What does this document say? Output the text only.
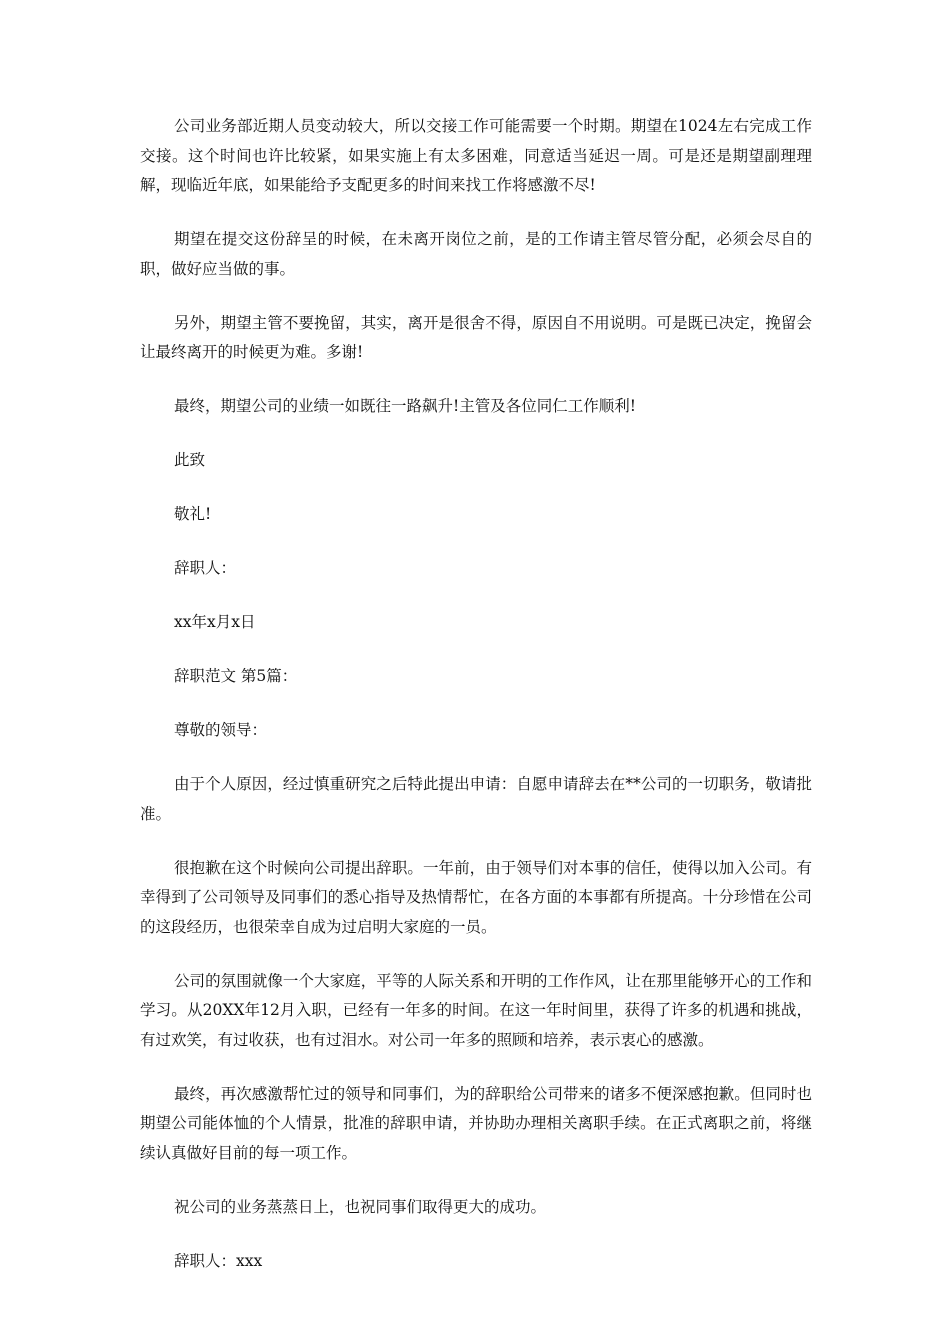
公司业务部近期人员变动较大，所以交接工作可能需要一个时期。期望在1024左右完成工作交接。这个时间也许比较紧，如果实施上有太多困难，同意适当延迟一周。可是还是期望副理理解，现临近年底，如果能给予支配更多的时间来找工作将感激不尽!

期望在提交这份辞呈的时候，在未离开岗位之前，是的工作请主管尽管分配，必须会尽自的职，做好应当做的事。

另外，期望主管不要挽留，其实，离开是很舍不得，原因自不用说明。可是既已决定，挽留会让最终离开的时候更为难。多谢!

最终，期望公司的业绩一如既往一路飙升!主管及各位同仁工作顺利!

此致

敬礼!

辞职人：

xx年x月x日

辞职范文 第5篇：

尊敬的领导：

由于个人原因，经过慎重研究之后特此提出申请：自愿申请辞去在**公司的一切职务，敬请批准。

很抱歉在这个时候向公司提出辞职。一年前，由于领导们对本事的信任，使得以加入公司。有幸得到了公司领导及同事们的悉心指导及热情帮忙，在各方面的本事都有所提高。十分珍惜在公司的这段经历，也很荣幸自成为过启明大家庭的一员。

公司的氛围就像一个大家庭，平等的人际关系和开明的工作作风，让在那里能够开心的工作和学习。从20XX年12月入职，已经有一年多的时间。在这一年时间里，获得了许多的机遇和挑战，有过欢笑，有过收获，也有过泪水。对公司一年多的照顾和培养，表示衷心的感激。

最终，再次感激帮忙过的领导和同事们，为的辞职给公司带来的诸多不便深感抱歉。但同时也期望公司能体恤的个人情景，批准的辞职申请，并协助办理相关离职手续。在正式离职之前，将继续认真做好目前的每一项工作。

祝公司的业务蒸蒸日上，也祝同事们取得更大的成功。

辞职人：xxx
